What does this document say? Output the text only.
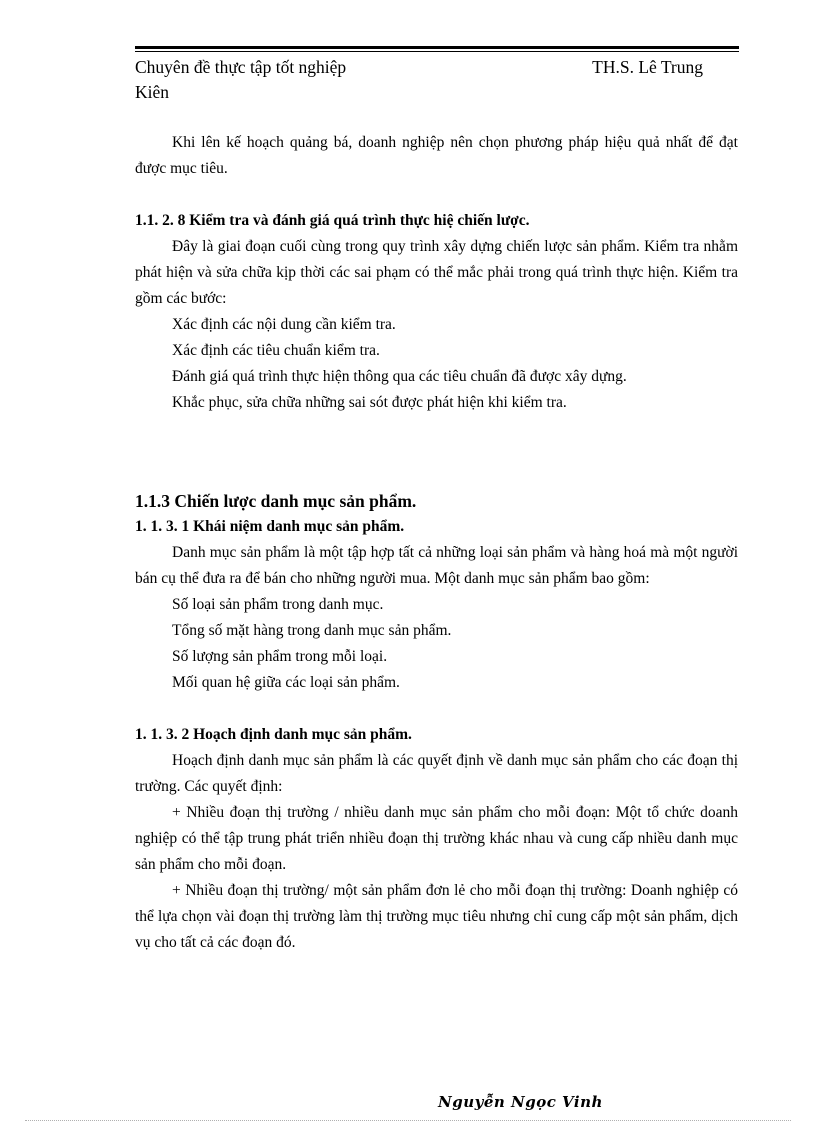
Chuyên đề thực tập tốt nghiệp	TH.S. Lê Trung
Kiên

Khi lên kế hoạch quảng bá, doanh nghiệp nên chọn phương pháp hiệu quả nhất để đạt được mục tiêu.

1.1. 2. 8 Kiểm tra và đánh giá quá trình thực hiệ chiến lược.

Đây là giai đoạn cuối cùng trong quy trình xây dựng chiến lược sản phẩm. Kiểm tra nhằm phát hiện và sửa chữa kịp thời các sai phạm có thể mắc phải trong quá trình thực hiện. Kiểm tra gồm các bước:

Xác định các nội dung cần kiểm tra.

Xác định các tiêu chuẩn kiểm tra.

Đánh giá quá trình thực hiện thông qua các tiêu chuẩn đã được xây dựng.

Khắc phục, sửa chữa những sai sót được phát hiện khi kiểm tra.

1.1.3 Chiến lược danh mục sản phẩm.

1. 1. 3. 1 Khái niệm danh mục sản phẩm.

Danh mục sản phẩm là một tập hợp tất cả những loại sản phẩm và hàng hoá mà một người bán cụ thể đưa ra để bán cho những người mua. Một danh mục sản phẩm bao gồm:

Số loại sản phẩm trong danh mục.

Tổng số mặt hàng trong danh mục sản phẩm.

Số lượng sản phẩm trong mỗi loại.

Mối quan hệ giữa các loại sản phẩm.

1. 1. 3. 2 Hoạch định danh mục sản phẩm.

Hoạch định danh mục sản phẩm là các quyết định về danh mục sản phẩm cho các đoạn thị trường. Các quyết định:

+ Nhiều đoạn thị trường / nhiều danh mục sản phẩm cho mỗi đoạn: Một tổ chức doanh nghiệp có thể tập trung phát triển nhiều đoạn thị trường khác nhau và cung cấp nhiều danh mục sản phẩm cho mỗi đoạn.

+ Nhiều đoạn thị trường/ một sản phẩm đơn lẻ cho mỗi đoạn thị trường: Doanh nghiệp có thể lựa chọn vài đoạn thị trường làm thị trường mục tiêu nhưng chỉ cung cấp một sản phẩm, dịch vụ cho tất cả các đoạn đó.

Nguyễn Ngọc Vinh
